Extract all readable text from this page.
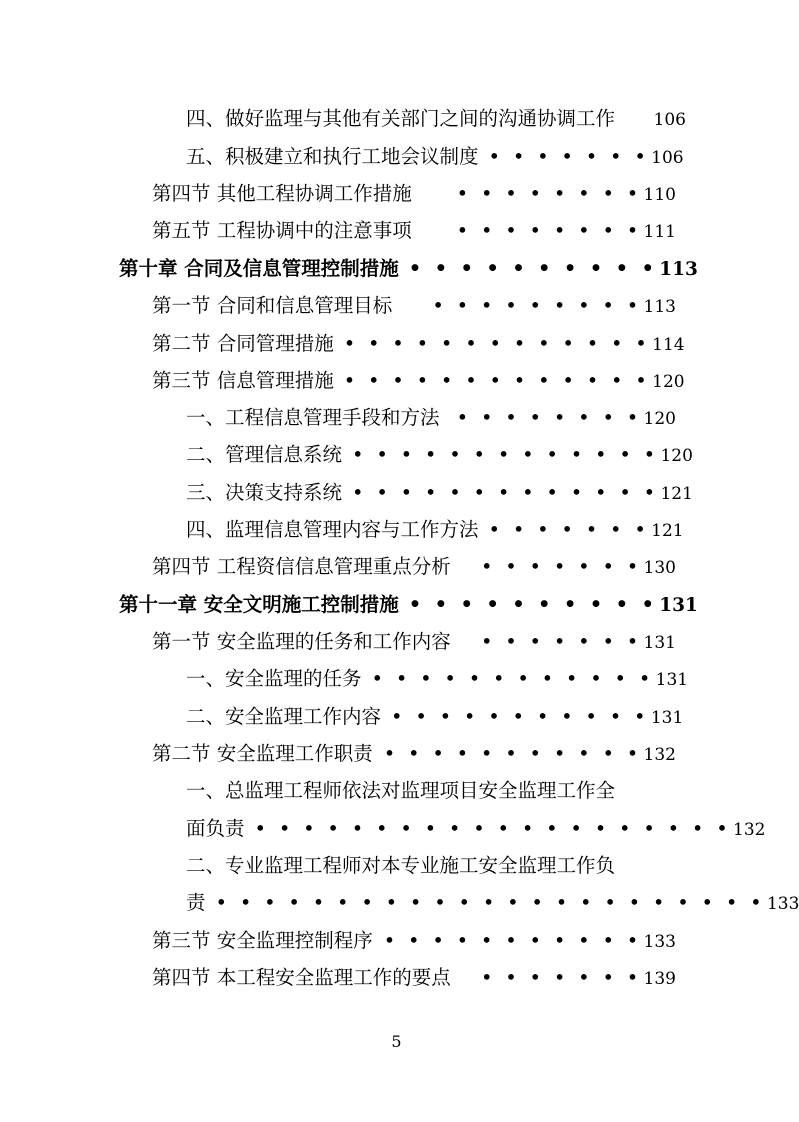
四、做好监理与其他有关部门之间的沟通协调工作 106
五、积极建立和执行工地会议制度 • • • • • • • 106
第四节 其他工程协调工作措施	• • • • • • • • 110
第五节 工程协调中的注意事项	• • • • • • • • 111
第十章 合同及信息管理控制措施 • • • • • • • • • • 113
第一节 合同和信息管理目标	• • • • • • • • • 113
第二节 合同管理措施 • • • • • • • • • • • • • 114
第三节 信息管理措施 • • • • • • • • • • • • • 120
一、工程信息管理手段和方法 • • • • • • • • 120
二、管理信息系统 • • • • • • • • • • • • • 120
三、决策支持系统 • • • • • • • • • • • • • 121
四、监理信息管理内容与工作方法 • • • • • • • 121
第四节 工程资信信息管理重点分析	• • • • • • • 130
第十一章 安全文明施工控制措施 • • • • • • • • • • 131
第一节 安全监理的任务和工作内容	• • • • • • • 131
一、安全监理的任务 • • • • • • • • • • • • 131
二、安全监理工作内容 • • • • • • • • • • • 131
第二节 安全监理工作职责 • • • • • • • • • • • 132
一、总监理工程师依法对监理项目安全监理工作全
面负责 • • • • • • • • • • • • • • • • • • • • 132
二、专业监理工程师对本专业施工安全监理工作负
责 • • • • • • • • • • • • • • • • • • • • • • • 133
第三节 安全监理控制程序 • • • • • • • • • • • 133
第四节 本工程安全监理工作的要点	• • • • • • • 139
5
